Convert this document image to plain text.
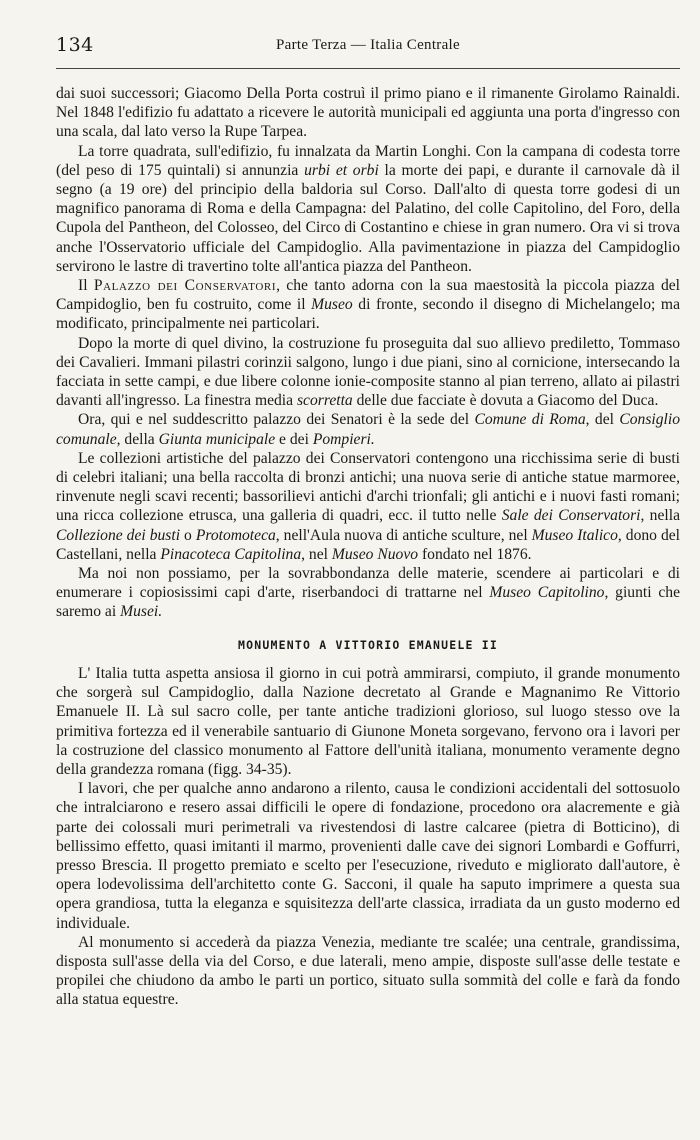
134	Parte Terza — Italia Centrale

dai suoi successori; Giacomo Della Porta costruì il primo piano e il rimanente Girolamo Rainaldi. Nel 1848 l'edifizio fu adattato a ricevere le autorità municipali ed aggiunta una porta d'ingresso con una scala, dal lato verso la Rupe Tarpea.

La torre quadrata, sull'edifizio, fu innalzata da Martin Longhi. Con la campana di codesta torre (del peso di 175 quintali) si annunzia urbi et orbi la morte dei papi, e durante il carnovale dà il segno (a 19 ore) del principio della baldoria sul Corso. Dall'alto di questa torre godesi di un magnifico panorama di Roma e della Campagna: del Palatino, del colle Capitolino, del Foro, della Cupola del Pantheon, del Colosseo, del Circo di Costantino e chiese in gran numero. Ora vi si trova anche l'Osservatorio ufficiale del Campidoglio. Alla pavimentazione in piazza del Campidoglio servirono le lastre di travertino tolte all'antica piazza del Pantheon.

Il Palazzo dei Conservatori, che tanto adorna con la sua maestosità la piccola piazza del Campidoglio, ben fu costruito, come il Museo di fronte, secondo il disegno di Michelangelo; ma modificato, principalmente nei particolari.

Dopo la morte di quel divino, la costruzione fu proseguita dal suo allievo prediletto, Tommaso dei Cavalieri. Immani pilastri corinzii salgono, lungo i due piani, sino al cornicione, intersecando la facciata in sette campi, e due libere colonne ionie-composite stanno al pian terreno, allato ai pilastri davanti all'ingresso. La finestra media scorretta delle due facciate è dovuta a Giacomo del Duca.

Ora, qui e nel suddescritto palazzo dei Senatori è la sede del Comune di Roma, del Consiglio comunale, della Giunta municipale e dei Pompieri.

Le collezioni artistiche del palazzo dei Conservatori contengono una ricchissima serie di busti di celebri italiani; una bella raccolta di bronzi antichi; una nuova serie di antiche statue marmoree, rinvenute negli scavi recenti; bassorilievi antichi d'archi trionfali; gli antichi e i nuovi fasti romani; una ricca collezione etrusca, una galleria di quadri, ecc. il tutto nelle Sale dei Conservatori, nella Collezione dei busti o Protomoteca, nell'Aula nuova di antiche sculture, nel Museo Italico, dono del Castellani, nella Pinacoteca Capitolina, nel Museo Nuovo fondato nel 1876.

Ma noi non possiamo, per la sovrabbondanza delle materie, scendere ai particolari e di enumerare i copiosissimi capi d'arte, riserbandoci di trattarne nel Museo Capitolino, giunti che saremo ai Musei.

MONUMENTO A VITTORIO EMANUELE II

L' Italia tutta aspetta ansiosa il giorno in cui potrà ammirarsi, compiuto, il grande monumento che sorgerà sul Campidoglio, dalla Nazione decretato al Grande e Magnanimo Re Vittorio Emanuele II. Là sul sacro colle, per tante antiche tradizioni glorioso, sul luogo stesso ove la primitiva fortezza ed il venerabile santuario di Giunone Moneta sorgevano, fervono ora i lavori per la costruzione del classico monumento al Fattore dell'unità italiana, monumento veramente degno della grandezza romana (figg. 34-35).

I lavori, che per qualche anno andarono a rilento, causa le condizioni accidentali del sottosuolo che intralciarono e resero assai difficili le opere di fondazione, procedono ora alacremente e già parte dei colossali muri perimetrali va rivestendosi di lastre calcaree (pietra di Botticino), di bellissimo effetto, quasi imitanti il marmo, provenienti dalle cave dei signori Lombardi e Goffurri, presso Brescia. Il progetto premiato e scelto per l'esecuzione, riveduto e migliorato dall'autore, è opera lodevolissima dell'architetto conte G. Sacconi, il quale ha saputo imprimere a questa sua opera grandiosa, tutta la eleganza e squisitezza dell'arte classica, irradiata da un gusto moderno ed individuale.

Al monumento si accederà da piazza Venezia, mediante tre scalée; una centrale, grandissima, disposta sull'asse della via del Corso, e due laterali, meno ampie, disposte sull'asse delle testate e propilei che chiudono da ambo le parti un portico, situato sulla sommità del colle e farà da fondo alla statua equestre.
